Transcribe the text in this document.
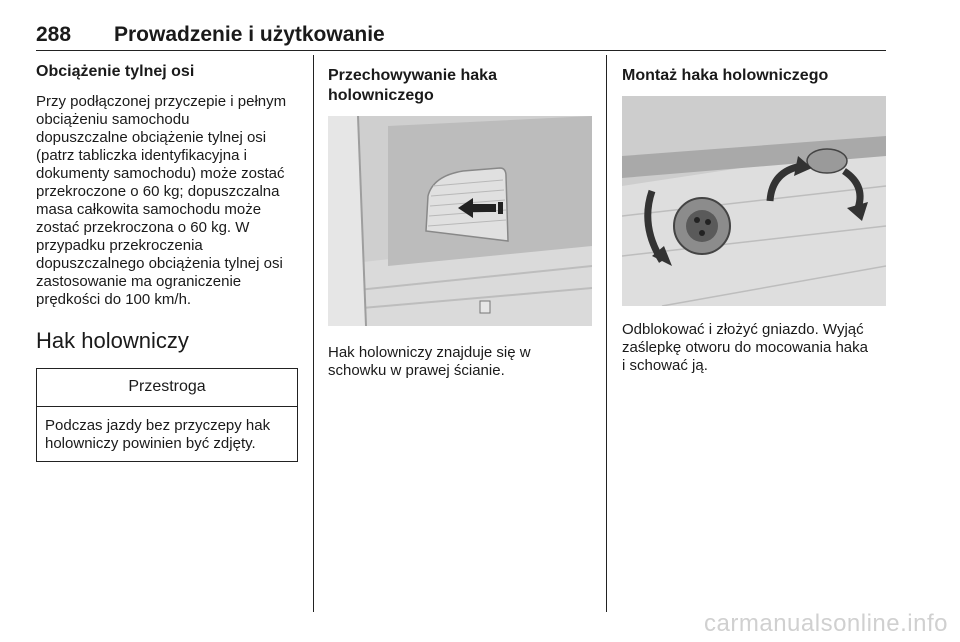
288 Prowadzenie i użytkowanie
Obciążenie tylnej osi

Przy podłączonej przyczepie i pełnym
obciążeniu samochodu
dopuszczalne obciążenie tylnej osi
(patrz tabliczka identyfikacyjna i
dokumenty samochodu) może zostać
przekroczone o 60 kg; dopuszczalna
masa całkowita samochodu może
zostać przekroczona o 60 kg. W
przypadku przekroczenia
dopuszczalnego obciążenia tylnej osi
zastosowanie ma ograniczenie
prędkości do 100 km/h.

Hak holowniczy
Przestroga
Podczas jazdy bez przyczepy hak
holowniczy powinien być zdjęty.
Przechowywanie haka
holowniczego

Hak holowniczy znajduje się w
schowku w prawej ścianie.

Montaż haka holowniczego

Odblokować i złożyć gniazdo. Wyjąć
zaślepkę otworu do mocowania haka
i schować ją.

carmanualsonline.info
